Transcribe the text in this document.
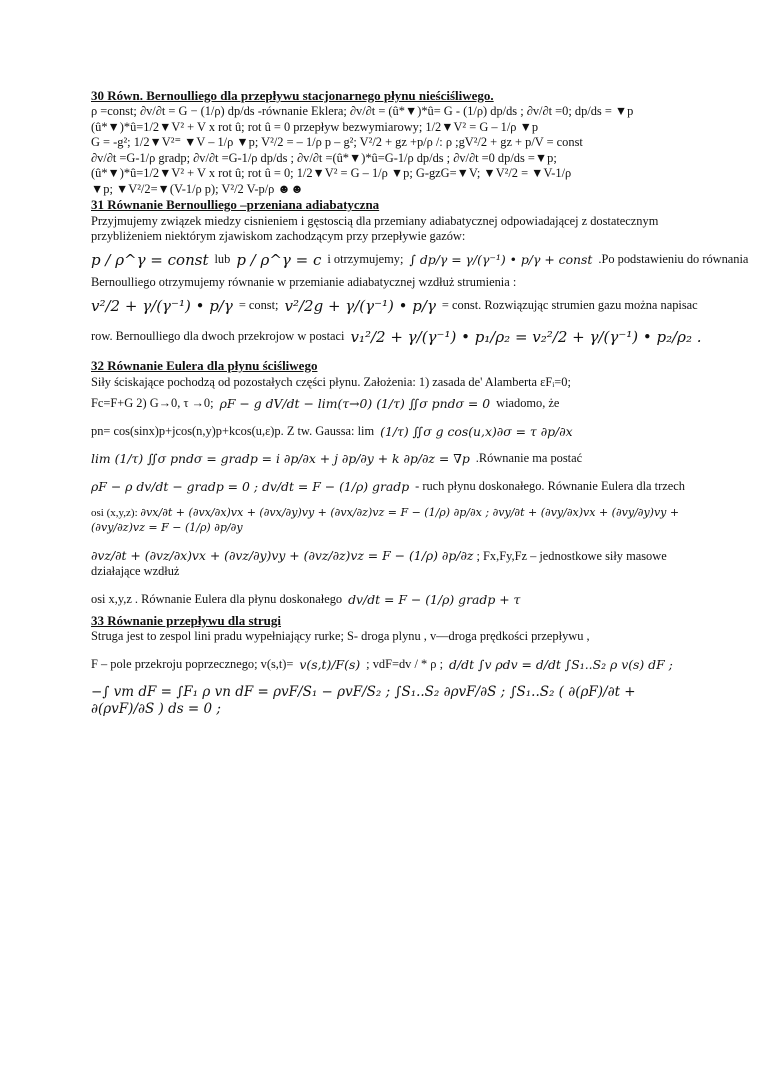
30 Równ. Bernoulliego dla przepływu stacjonarnego płynu nieściśliwego.

ρ =const; ∂v/∂t = G − (1/ρ) dp/ds -równanie Eklera; ∂v/∂t = (û*▼)*û= G - (1/ρ) dp/ds ; ∂v/∂t =0; dp/ds = ▼p

(û*▼)*û=1/2▼V² + V x rot û; rot û = 0 przepływ bezwymiarowy; 1/2▼V² = G – 1/ρ ▼p

G = -g²; 1/2▼V²⁼ ▼V – 1/ρ ▼p; V²/2 = – 1/ρ p – g²; V²/2 + gz +p/ρ /: ρ ;gV²/2 + gz + p/V = const

∂v/∂t =G-1/ρ gradp; ∂v/∂t =G-1/ρ dp/ds ; ∂v/∂t =(û*▼)*û=G-1/ρ dp/ds ; ∂v/∂t =0 dp/ds =▼p;

(û*▼)*û=1/2▼V² + V x rot û; rot û = 0; 1/2▼V² = G – 1/ρ ▼p; G-gzG=▼V; ▼V²/2 = ▼V-1/ρ

▼p; ▼V²/2=▼(V-1/ρ p); V²/2 V-p/ρ ☻☻

31 Równanie Bernoulliego –przeniana adiabatyczna

Przyjmujemy związek miedzy cisnieniem i gęstoscią dla przemiany adiabatycznej odpowiadającej z dostatecznym przybliżeniem niektórym zjawiskom zachodzącym przy przepływie gazów:

p / ρ^γ = const lub p / ρ^γ = c i otrzymujemy; ∫ dp/γ = γ/(γ⁻¹) • p/γ + const .Po podstawieniu do równania

Bernoulliego otrzymujemy równanie w przemianie adiabatycznej wzdłuż strumienia :

v²/2 + γ/(γ⁻¹) • p/γ = const; v²/2g + γ/(γ⁻¹) • p/γ = const. Rozwiązując strumien gazu można napisac

row. Bernoulliego dla dwoch przekrojow w postaci v₁²/2 + γ/(γ⁻¹) • p₁/ρ₂ = v₂²/2 + γ/(γ⁻¹) • p₂/ρ₂ .

32 Równanie Eulera dla płynu ściśliwego

Siły ściskające pochodzą od pozostałych części płynu. Założenia: 1) zasada de' Alamberta εFᵢ=0;

Fc=F+G 2) G→0, τ →0; ρF − g dV/dt − lim(τ→0) (1/τ) ∬σ pndσ = 0 wiadomo, że

pn= cos(sinx)p+jcos(n,y)p+kcos(u,ε)p. Z tw. Gaussa: lim (1/τ) ∬σ g cos(u,x)∂σ = τ ∂p/∂x

lim (1/τ) ∬σ pndσ = gradp = i ∂p/∂x + j ∂p/∂y + k ∂p/∂z = ∇p .Równanie ma postać

ρF − ρ dv/dt − gradp = 0 ; dv/dt = F − (1/ρ) gradp - ruch płynu doskonałego. Równanie Eulera dla trzech

osi (x,y,z): ∂vx/∂t + (∂vx/∂x)vx + (∂vx/∂y)vy + (∂vx/∂z)vz = F − (1/ρ) ∂p/∂x ; ∂vy/∂t + (∂vy/∂x)vx + (∂vy/∂y)vy + (∂vy/∂z)vz = F − (1/ρ) ∂p/∂y

∂vz/∂t + (∂vz/∂x)vx + (∂vz/∂y)vy + (∂vz/∂z)vz = F − (1/ρ) ∂p/∂z ; Fx,Fy,Fz – jednostkowe siły masowe działające wzdłuż

osi x,y,z . Równanie Eulera dla płynu doskonałego dv/dt = F − (1/ρ) gradp + τ

33 Równanie przepływu dla strugi

Struga jest to zespol lini pradu wypełniający rurke; S- droga plynu , v—droga prędkości przepływu ,

F – pole przekroju poprzecznego; v(s,t)= v(s,t)/F(s) ; vdF=dv / * ρ ; d/dt ∫v ρdv = d/dt ∫S₁..S₂ ρ v(s) dF ;

−∫ vm dF = ∫F₁ ρ vn dF = ρvF/S₁ − ρvF/S₂ ; ∫S₁..S₂ ∂ρvF/∂S ; ∫S₁..S₂ ( ∂(ρF)/∂t + ∂(ρvF)/∂S ) ds = 0 ;
